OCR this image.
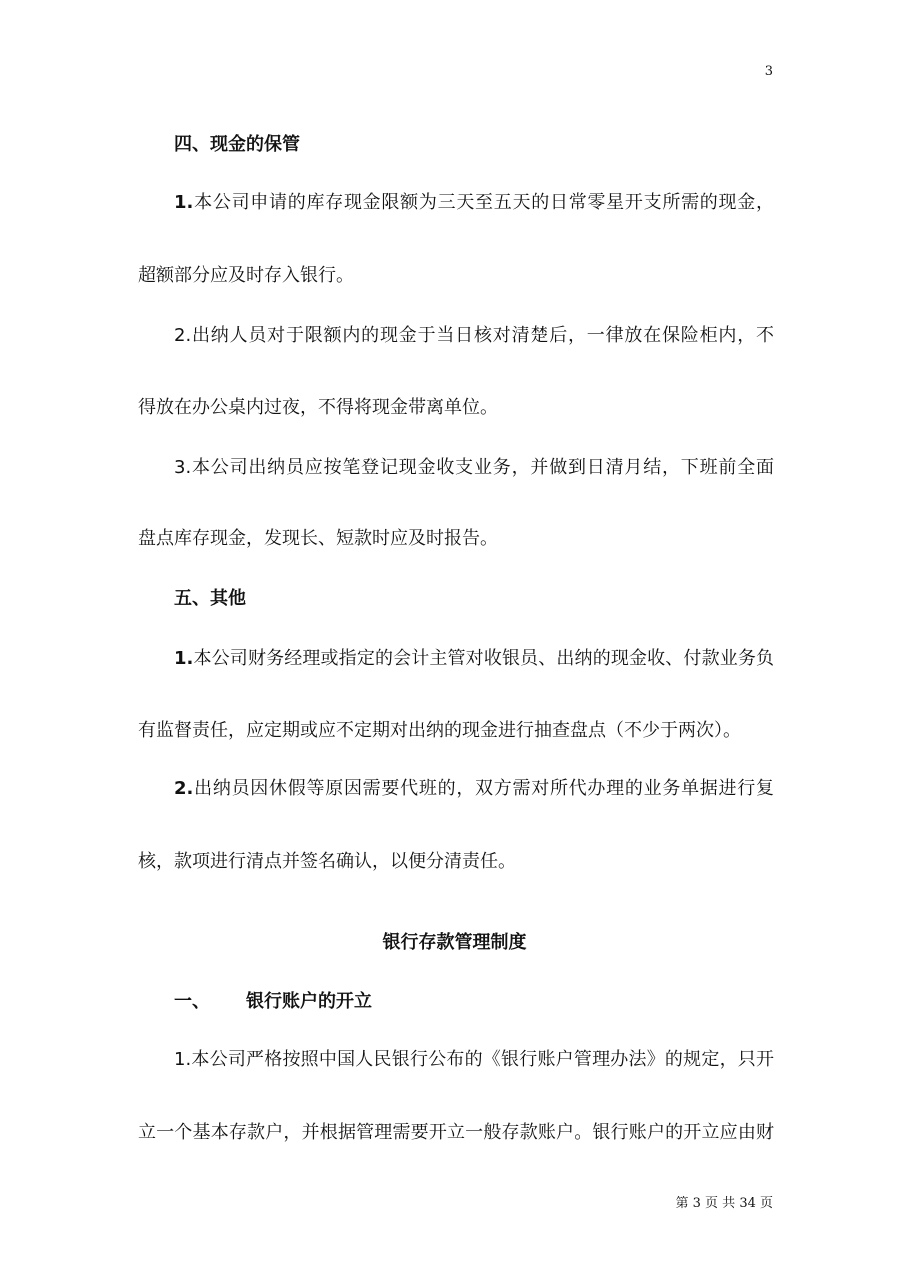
3
四、现金的保管
1.本公司申请的库存现金限额为三天至五天的日常零星开支所需的现金，
超额部分应及时存入银行。
2.出纳人员对于限额内的现金于当日核对清楚后，一律放在保险柜内，不
得放在办公桌内过夜，不得将现金带离单位。
3.本公司出纳员应按笔登记现金收支业务，并做到日清月结，下班前全面
盘点库存现金，发现长、短款时应及时报告。
五、其他
1.本公司财务经理或指定的会计主管对收银员、出纳的现金收、付款业务负
有监督责任，应定期或应不定期对出纳的现金进行抽查盘点（不少于两次）。
2.出纳员因休假等原因需要代班的，双方需对所代办理的业务单据进行复
核，款项进行清点并签名确认，以便分清责任。
银行存款管理制度
一、 银行账户的开立
1.本公司严格按照中国人民银行公布的《银行账户管理办法》的规定，只开
立一个基本存款户，并根据管理需要开立一般存款账户。银行账户的开立应由财
第 3 页 共 34 页
